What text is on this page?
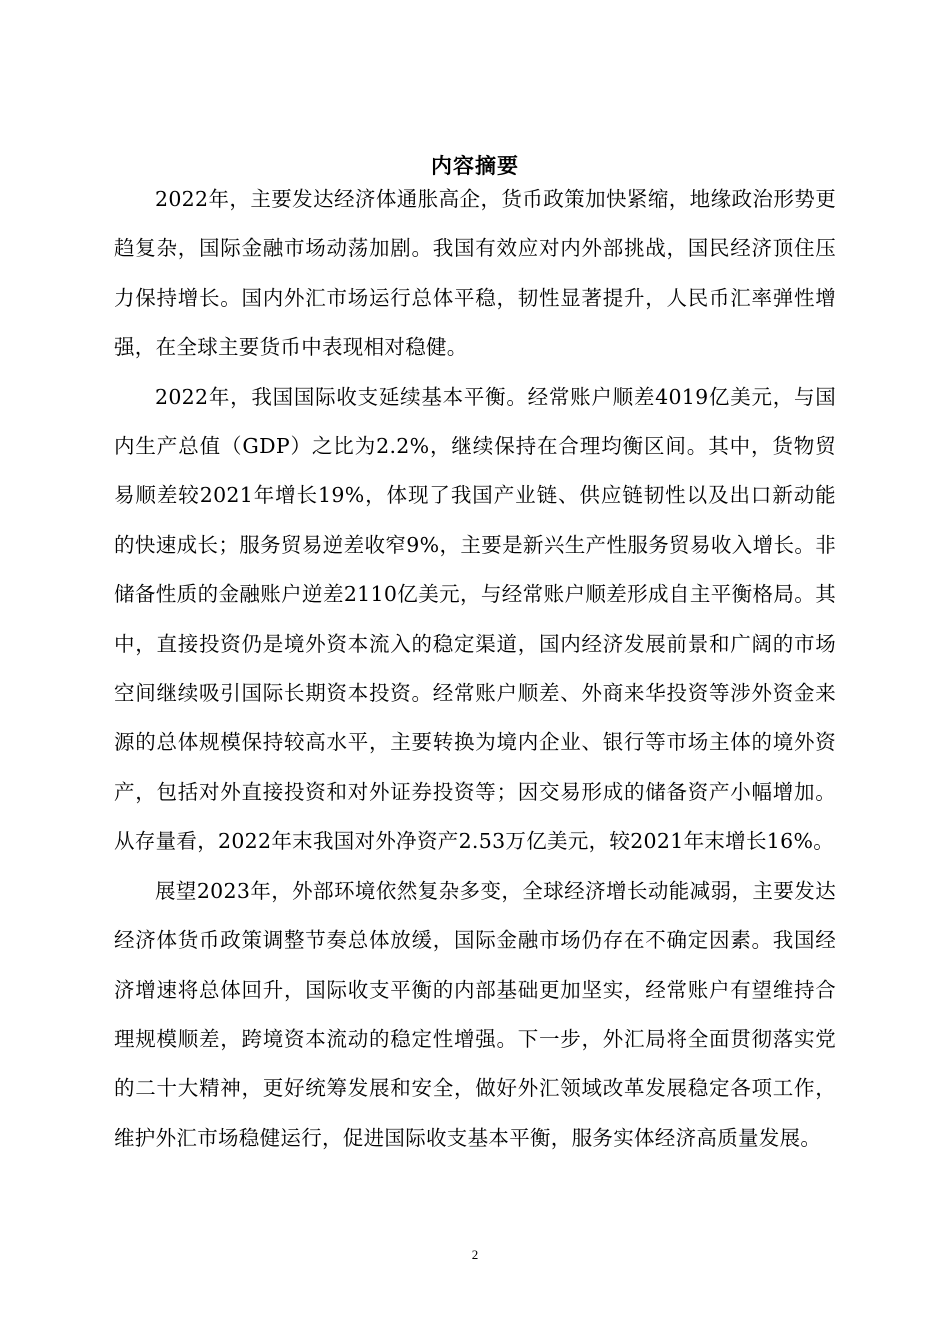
内容摘要

2022年，主要发达经济体通胀高企，货币政策加快紧缩，地缘政治形势更趋复杂，国际金融市场动荡加剧。我国有效应对内外部挑战，国民经济顶住压力保持增长。国内外汇市场运行总体平稳，韧性显著提升，人民币汇率弹性增强，在全球主要货币中表现相对稳健。

2022年，我国国际收支延续基本平衡。经常账户顺差4019亿美元，与国内生产总值（GDP）之比为2.2%，继续保持在合理均衡区间。其中，货物贸易顺差较2021年增长19%，体现了我国产业链、供应链韧性以及出口新动能的快速成长；服务贸易逆差收窄9%，主要是新兴生产性服务贸易收入增长。非储备性质的金融账户逆差2110亿美元，与经常账户顺差形成自主平衡格局。其中，直接投资仍是境外资本流入的稳定渠道，国内经济发展前景和广阔的市场空间继续吸引国际长期资本投资。经常账户顺差、外商来华投资等涉外资金来源的总体规模保持较高水平，主要转换为境内企业、银行等市场主体的境外资产，包括对外直接投资和对外证券投资等；因交易形成的储备资产小幅增加。从存量看，2022年末我国对外净资产2.53万亿美元，较2021年末增长16%。

展望2023年，外部环境依然复杂多变，全球经济增长动能减弱，主要发达经济体货币政策调整节奏总体放缓，国际金融市场仍存在不确定因素。我国经济增速将总体回升，国际收支平衡的内部基础更加坚实，经常账户有望维持合理规模顺差，跨境资本流动的稳定性增强。下一步，外汇局将全面贯彻落实党的二十大精神，更好统筹发展和安全，做好外汇领域改革发展稳定各项工作，维护外汇市场稳健运行，促进国际收支基本平衡，服务实体经济高质量发展。

2
